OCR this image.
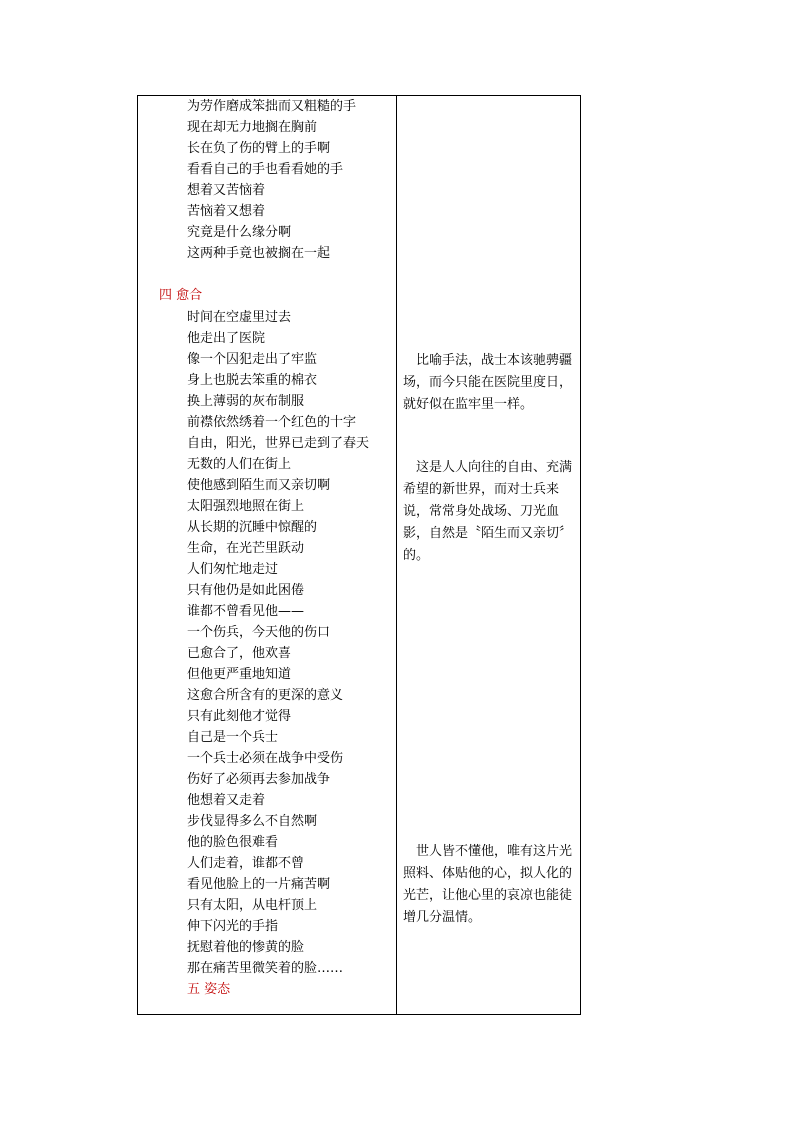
为劳作磨成笨拙而又粗糙的手
现在却无力地搁在胸前
长在负了伤的臂上的手啊
看看自己的手也看看她的手
想着又苦恼着
苦恼着又想着
究竟是什么缘分啊
这两种手竟也被搁在一起
四 愈合
时间在空虚里过去
他走出了医院
像一个囚犯走出了牢监
身上也脱去笨重的棉衣
换上薄弱的灰布制服
前襟依然绣着一个红色的十字
自由，阳光，世界已走到了春天
无数的人们在街上
使他感到陌生而又亲切啊
太阳强烈地照在街上
从长期的沉睡中惊醒的
生命，在光芒里跃动
人们匆忙地走过
只有他仍是如此困倦
谁都不曾看见他——
一个伤兵，今天他的伤口
已愈合了，他欢喜
但他更严重地知道
这愈合所含有的更深的意义
只有此刻他才觉得
自己是一个兵士
一个兵士必须在战争中受伤
伤好了必须再去参加战争
他想着又走着
步伐显得多么不自然啊
他的脸色很难看
人们走着，谁都不曾
看见他脸上的一片痛苦啊
只有太阳，从电杆顶上
伸下闪光的手指
抚慰着他的惨黄的脸
那在痛苦里微笑着的脸……
五 姿态

比喻手法，战士本该驰骋疆场，而今只能在医院里度日，就好似在监牢里一样。

这是人人向往的自由、充满希望的新世界，而对士兵来说，常常身处战场、刀光血影，自然是〝陌生而又亲切〞的。

世人皆不懂他，唯有这片光照料、体贴他的心，拟人化的光芒，让他心里的哀凉也能徒增几分温情。
